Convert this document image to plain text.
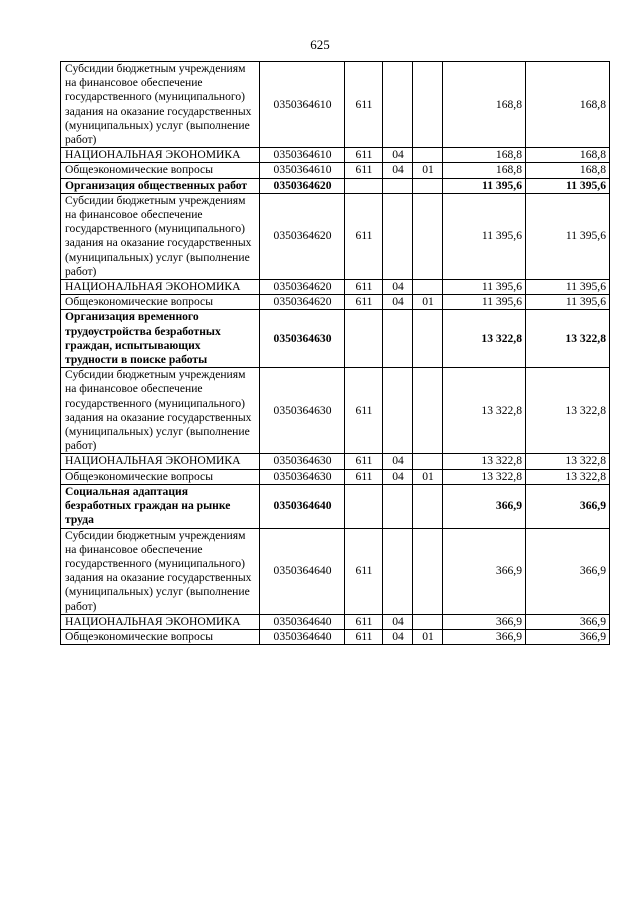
625
Субсидии бюджетным учреждениям на финансовое обеспечение государственного (муниципального) задания на оказание государственных (муниципальных) услуг (выполнение работ)	0350364610	611			168,8	168,8
НАЦИОНАЛЬНАЯ ЭКОНОМИКА	0350364610	611	04		168,8	168,8
Общеэкономические вопросы	0350364610	611	04	01	168,8	168,8
Организация общественных работ	0350364620				11 395,6	11 395,6
Субсидии бюджетным учреждениям на финансовое обеспечение государственного (муниципального) задания на оказание государственных (муниципальных) услуг (выполнение работ)	0350364620	611			11 395,6	11 395,6
НАЦИОНАЛЬНАЯ ЭКОНОМИКА	0350364620	611	04		11 395,6	11 395,6
Общеэкономические вопросы	0350364620	611	04	01	11 395,6	11 395,6
Организация временного трудоустройства безработных граждан, испытывающих трудности в поиске работы	0350364630				13 322,8	13 322,8
Субсидии бюджетным учреждениям на финансовое обеспечение государственного (муниципального) задания на оказание государственных (муниципальных) услуг (выполнение работ)	0350364630	611			13 322,8	13 322,8
НАЦИОНАЛЬНАЯ ЭКОНОМИКА	0350364630	611	04		13 322,8	13 322,8
Общеэкономические вопросы	0350364630	611	04	01	13 322,8	13 322,8
Социальная адаптация безработных граждан на рынке труда	0350364640				366,9	366,9
Субсидии бюджетным учреждениям на финансовое обеспечение государственного (муниципального) задания на оказание государственных (муниципальных) услуг (выполнение работ)	0350364640	611			366,9	366,9
НАЦИОНАЛЬНАЯ ЭКОНОМИКА	0350364640	611	04		366,9	366,9
Общеэкономические вопросы	0350364640	611	04	01	366,9	366,9
